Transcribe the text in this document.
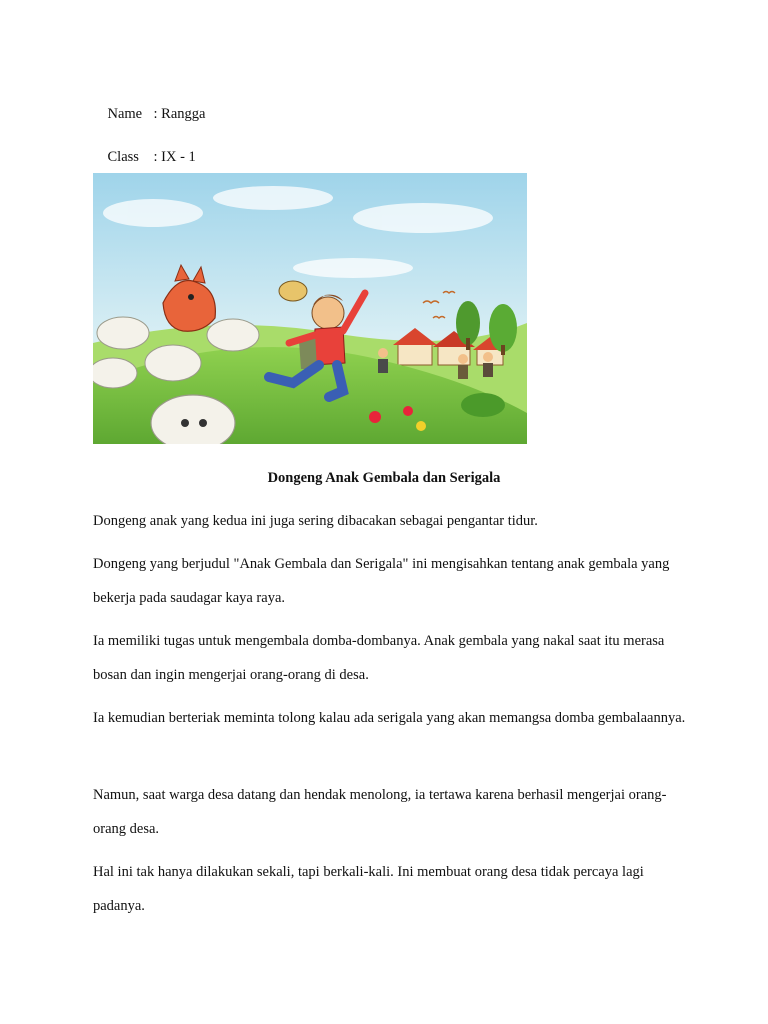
Name : Rangga

Class : IX - 1

Dongeng Anak Gembala dan Serigala

Dongeng anak yang kedua ini juga sering dibacakan sebagai pengantar tidur.

Dongeng yang berjudul "Anak Gembala dan Serigala" ini mengisahkan tentang anak gembala yang bekerja pada saudagar kaya raya.

Ia memiliki tugas untuk mengembala domba-dombanya. Anak gembala yang nakal saat itu merasa bosan dan ingin mengerjai orang-orang di desa.

Ia kemudian berteriak meminta tolong kalau ada serigala yang akan memangsa domba gembalaannya.

Namun, saat warga desa datang dan hendak menolong, ia tertawa karena berhasil mengerjai orang-orang desa.

Hal ini tak hanya dilakukan sekali, tapi berkali-kali. Ini membuat orang desa tidak percaya lagi padanya.
